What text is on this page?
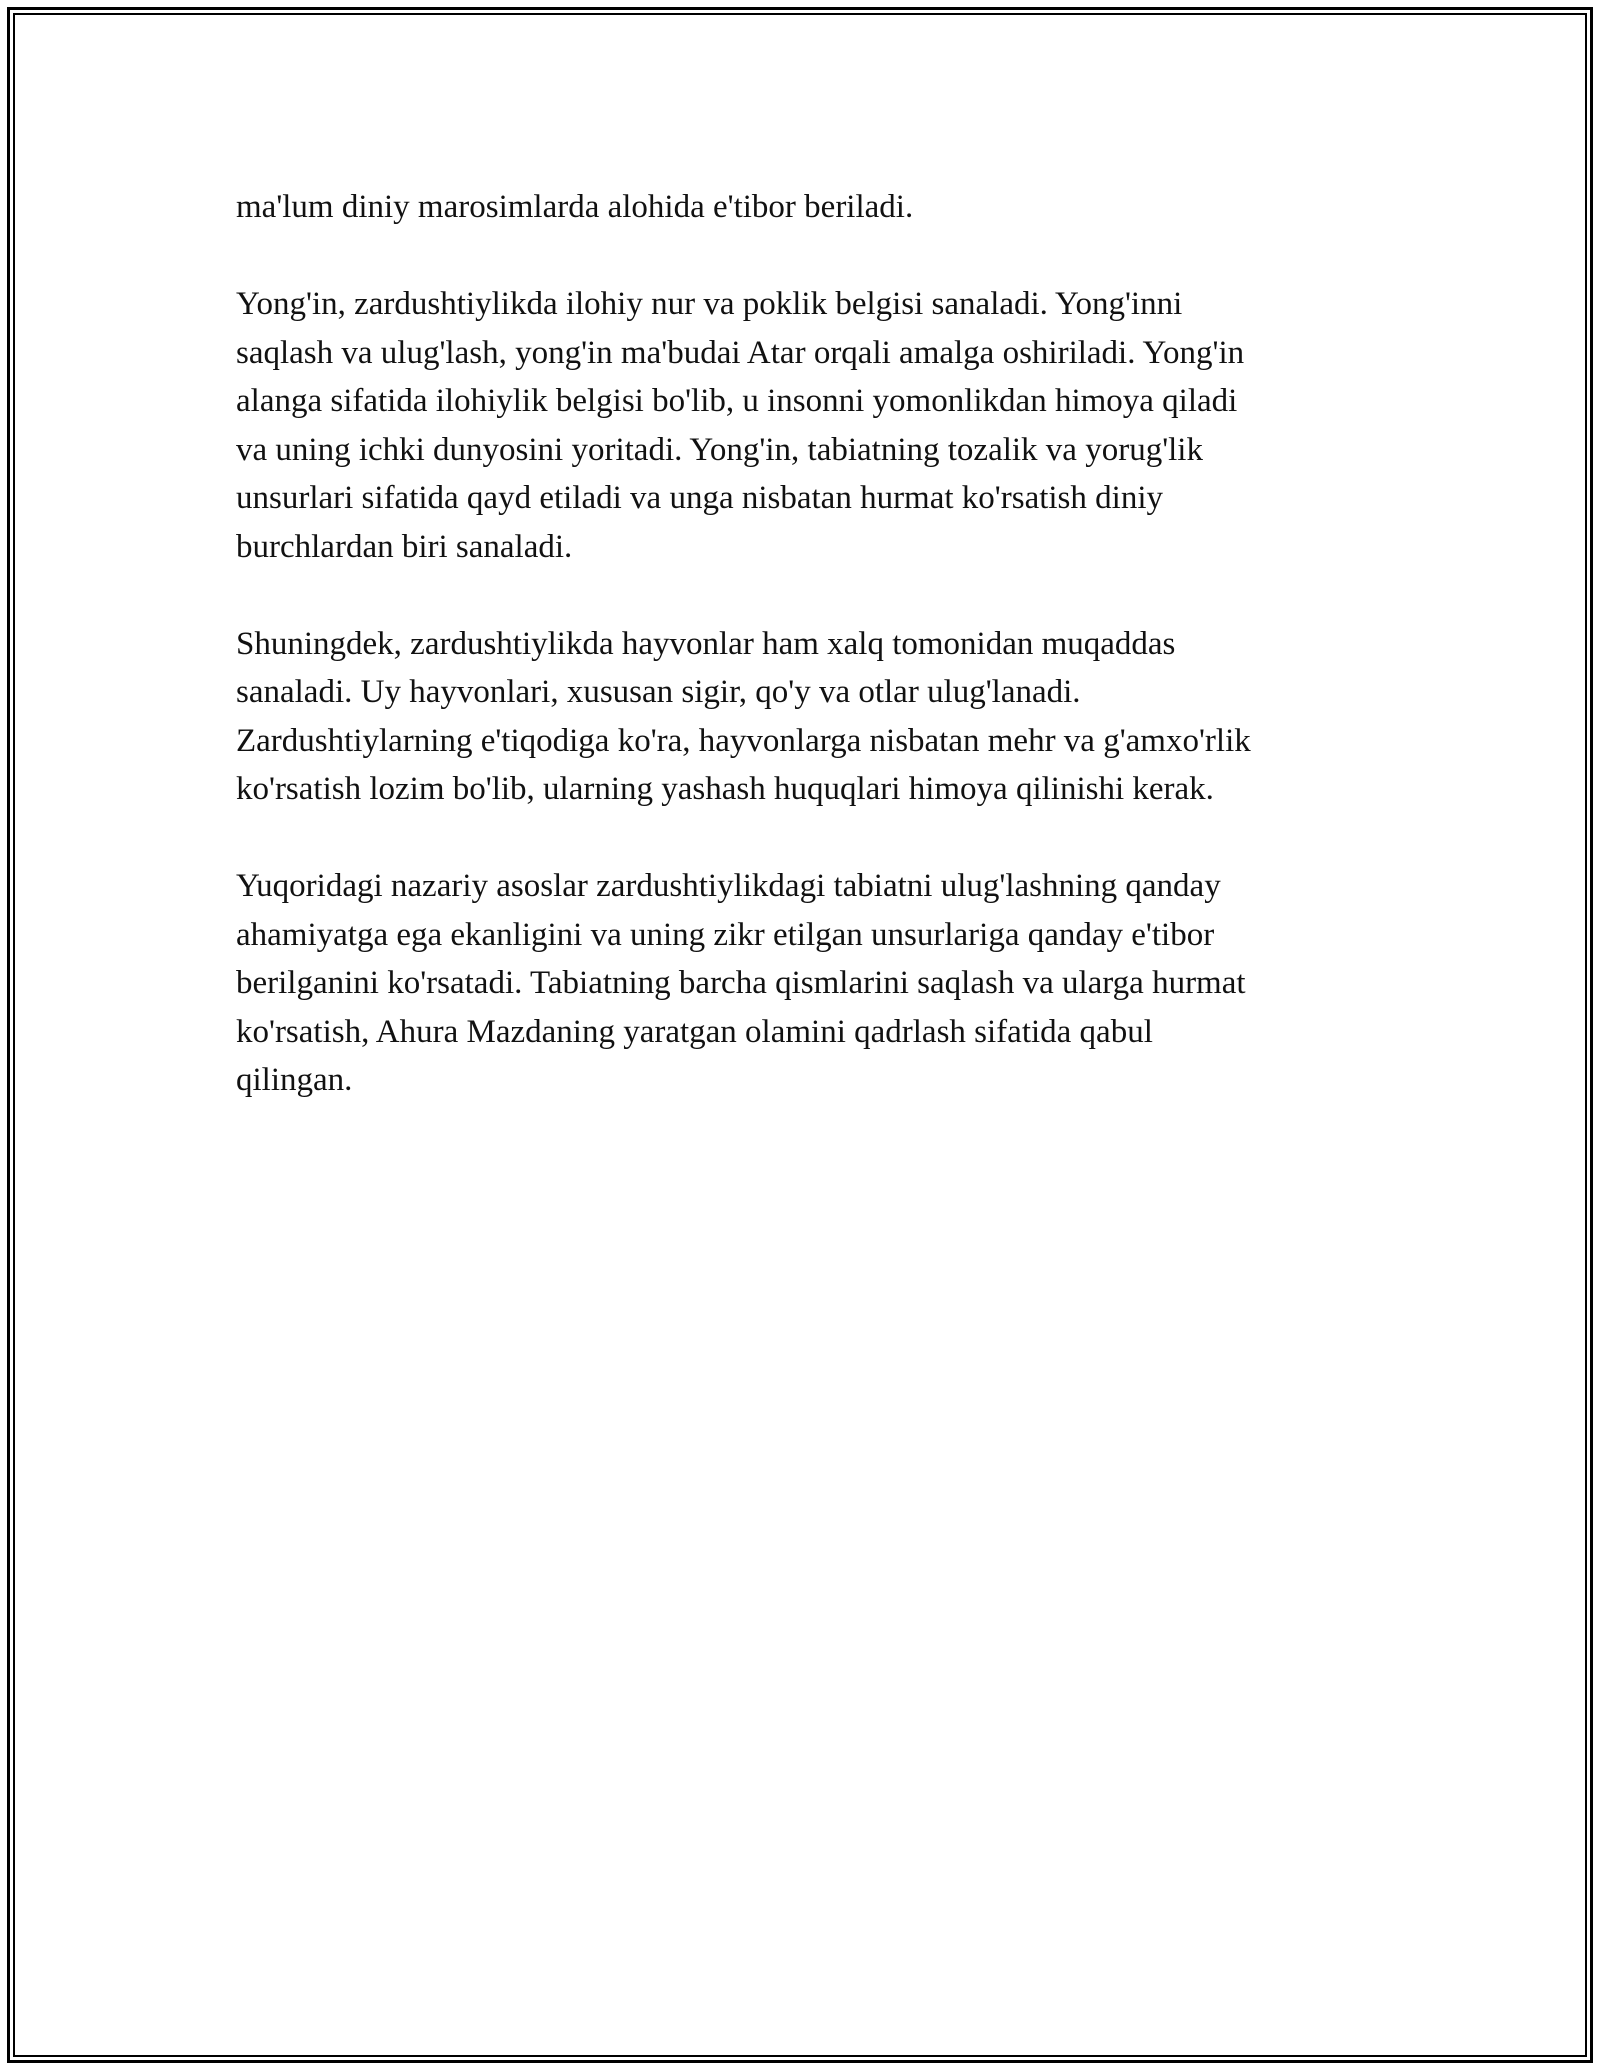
ma'lum diniy marosimlarda alohida e'tibor beriladi.

Yong'in, zardushtiylikda ilohiy nur va poklik belgisi sanaladi. Yong'inni
saqlash va ulug'lash, yong'in ma'budai Atar orqali amalga oshiriladi. Yong'in
alanga sifatida ilohiylik belgisi bo'lib, u insonni yomonlikdan himoya qiladi
va uning ichki dunyosini yoritadi. Yong'in, tabiatning tozalik va yorug'lik
unsurlari sifatida qayd etiladi va unga nisbatan hurmat ko'rsatish diniy
burchlardan biri sanaladi.

Shuningdek, zardushtiylikda hayvonlar ham xalq tomonidan muqaddas
sanaladi. Uy hayvonlari, xususan sigir, qo'y va otlar ulug'lanadi.
Zardushtiylarning e'tiqodiga ko'ra, hayvonlarga nisbatan mehr va g'amxo'rlik
ko'rsatish lozim bo'lib, ularning yashash huquqlari himoya qilinishi kerak.

Yuqoridagi nazariy asoslar zardushtiylikdagi tabiatni ulug'lashning qanday
ahamiyatga ega ekanligini va uning zikr etilgan unsurlariga qanday e'tibor
berilganini ko'rsatadi. Tabiatning barcha qismlarini saqlash va ularga hurmat
ko'rsatish, Ahura Mazdaning yaratgan olamini qadrlash sifatida qabul
qilingan.
